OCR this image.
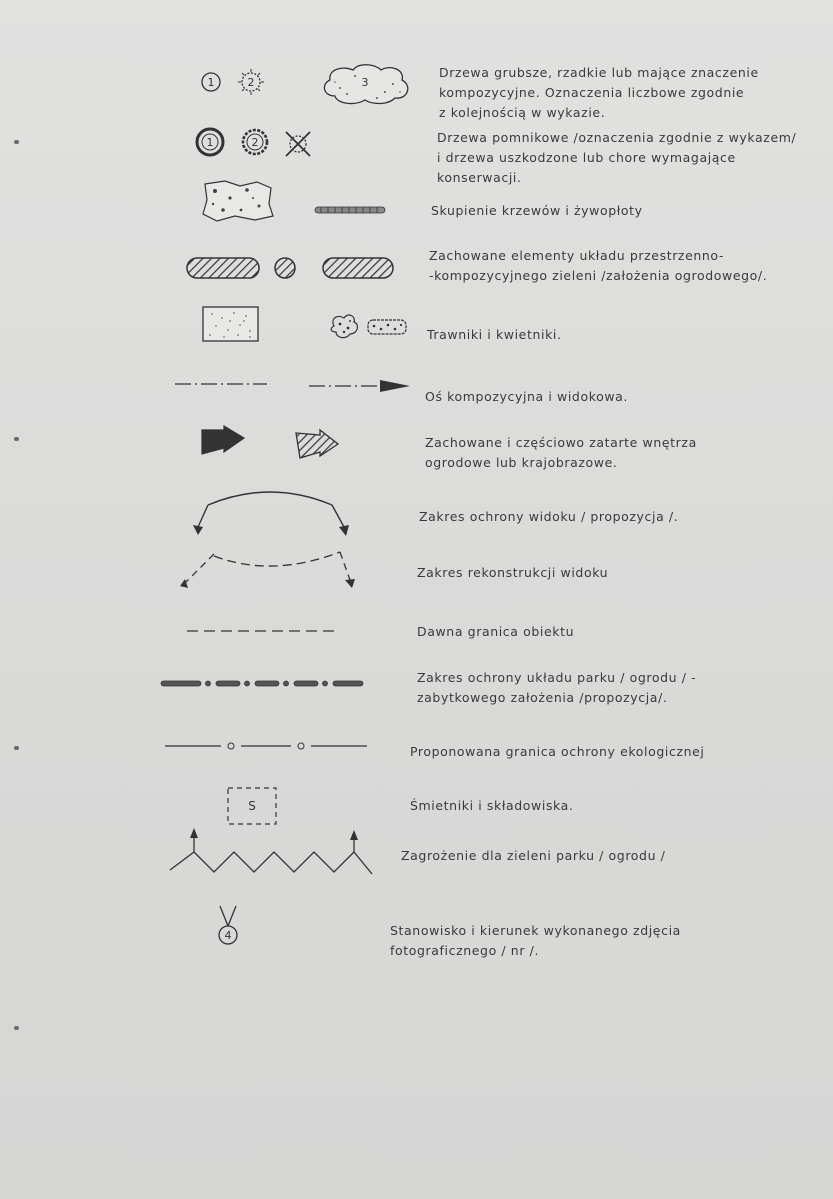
1	2	3
Drzewa grubsze, rzadkie lub mające znaczenie
kompozycyjne. Oznaczenia liczbowe zgodnie
z kolejnością w wykazie.
1	2	Drzewa pomnikowe /oznaczenia zgodnie z wykazem/
i drzewa uszkodzone lub chore wymagające
konserwacji.
Skupienie krzewów i żywopłoty
Zachowane elementy układu przestrzenno-
-kompozycyjnego zieleni /założenia ogrodowego/.
Trawniki i kwietniki.
Oś kompozycyjna i widokowa.
Zachowane i częściowo zatarte wnętrza
ogrodowe lub krajobrazowe.
Zakres ochrony widoku / propozycja /.
Zakres rekonstrukcji widoku
Dawna granica obiektu
Zakres ochrony układu parku / ogrodu / -
zabytkowego założenia /propozycja/.
Proponowana granica ochrony ekologicznej
S	Śmietniki i składowiska.
Zagrożenie dla zieleni parku / ogrodu /
4	Stanowisko i kierunek wykonanego zdjęcia
fotograficznego / nr /.
